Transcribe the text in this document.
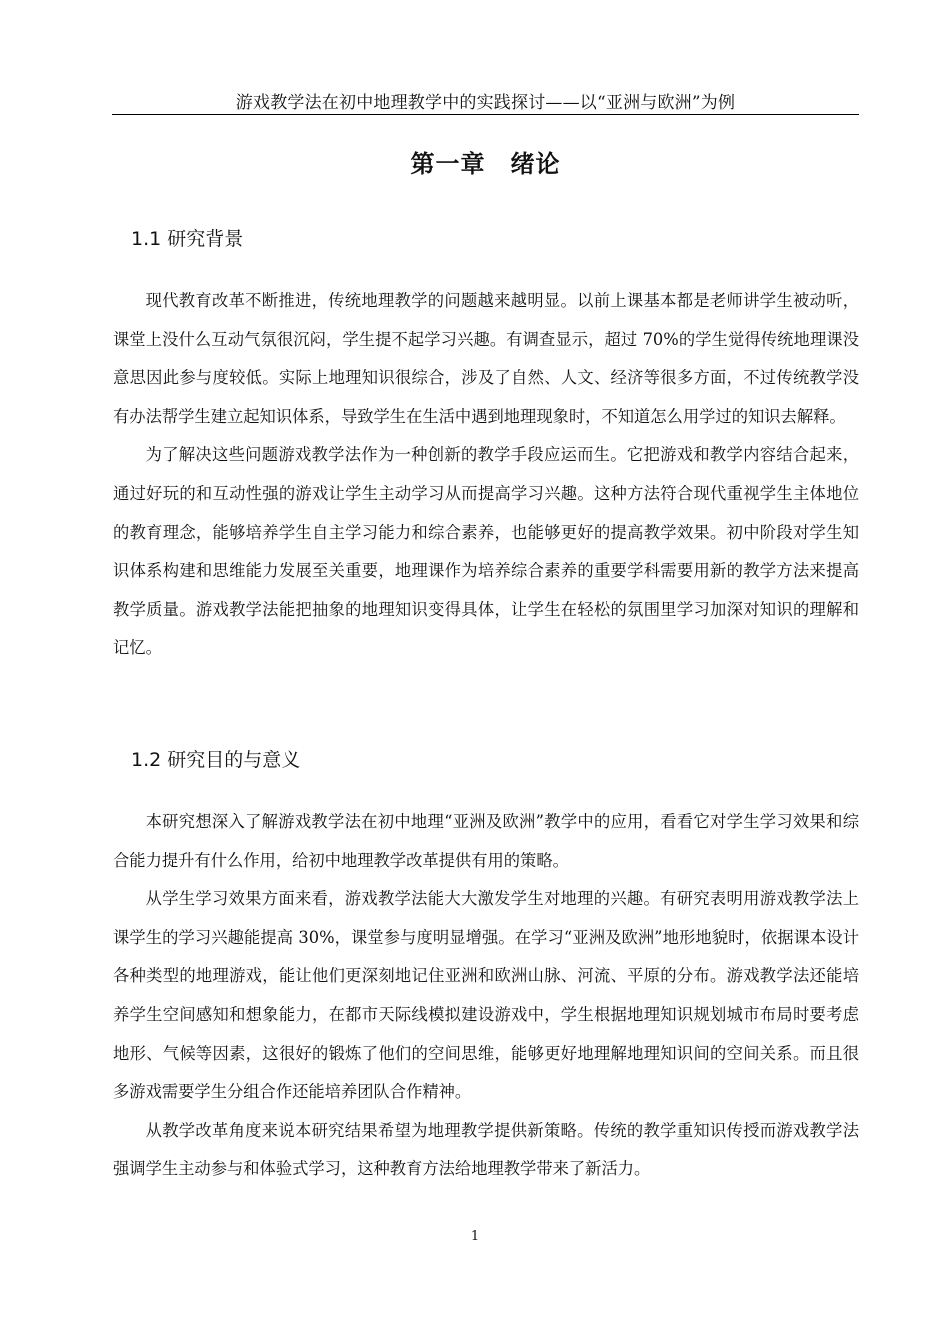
游戏教学法在初中地理教学中的实践探讨——以“亚洲与欧洲”为例
第一章　绪论
1.1 研究背景

现代教育改革不断推进，传统地理教学的问题越来越明显。以前上课基本都是老师讲学生被动听，课堂上没什么互动气氛很沉闷，学生提不起学习兴趣。有调查显示，超过 70%的学生觉得传统地理课没意思因此参与度较低。实际上地理知识很综合，涉及了自然、人文、经济等很多方面，不过传统教学没有办法帮学生建立起知识体系，导致学生在生活中遇到地理现象时，不知道怎么用学过的知识去解释。

为了解决这些问题游戏教学法作为一种创新的教学手段应运而生。它把游戏和教学内容结合起来，通过好玩的和互动性强的游戏让学生主动学习从而提高学习兴趣。这种方法符合现代重视学生主体地位的教育理念，能够培养学生自主学习能力和综合素养，也能够更好的提高教学效果。初中阶段对学生知识体系构建和思维能力发展至关重要，地理课作为培养综合素养的重要学科需要用新的教学方法来提高教学质量。游戏教学法能把抽象的地理知识变得具体，让学生在轻松的氛围里学习加深对知识的理解和记忆。

1.2 研究目的与意义

本研究想深入了解游戏教学法在初中地理“亚洲及欧洲”教学中的应用，看看它对学生学习效果和综合能力提升有什么作用，给初中地理教学改革提供有用的策略。

从学生学习效果方面来看，游戏教学法能大大激发学生对地理的兴趣。有研究表明用游戏教学法上课学生的学习兴趣能提高 30%，课堂参与度明显增强。在学习“亚洲及欧洲”地形地貌时，依据课本设计各种类型的地理游戏，能让他们更深刻地记住亚洲和欧洲山脉、河流、平原的分布。游戏教学法还能培养学生空间感知和想象能力，在都市天际线模拟建设游戏中，学生根据地理知识规划城市布局时要考虑地形、气候等因素，这很好的锻炼了他们的空间思维，能够更好地理解地理知识间的空间关系。而且很多游戏需要学生分组合作还能培养团队合作精神。

从教学改革角度来说本研究结果希望为地理教学提供新策略。传统的教学重知识传授而游戏教学法强调学生主动参与和体验式学习，这种教育方法给地理教学带来了新活力。

1
